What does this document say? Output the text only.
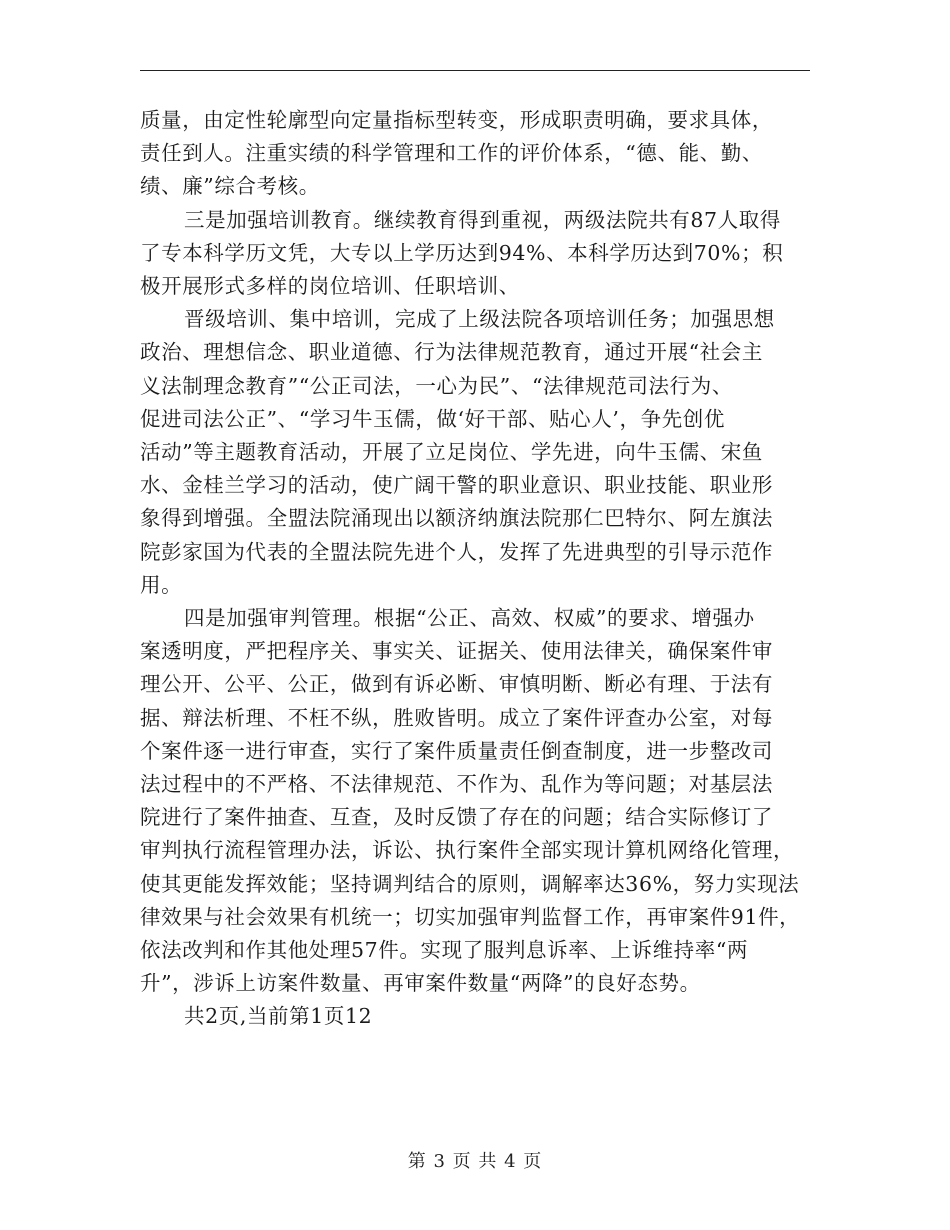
质量，由定性轮廓型向定量指标型转变，形成职责明确，要求具体，
责任到人。注重实绩的科学管理和工作的评价体系，“德、能、勤、
绩、廉”综合考核。

三是加强培训教育。继续教育得到重视，两级法院共有87人取得
了专本科学历文凭，大专以上学历达到94%、本科学历达到70%；积
极开展形式多样的岗位培训、任职培训、

晋级培训、集中培训，完成了上级法院各项培训任务；加强思想
政治、理想信念、职业道德、行为法律规范教育，通过开展“社会主
义法制理念教育”“公正司法，一心为民”、“法律规范司法行为、
促进司法公正”、“学习牛玉儒，做‘好干部、贴心人’，争先创优
活动”等主题教育活动，开展了立足岗位、学先进，向牛玉儒、宋鱼
水、金桂兰学习的活动，使广阔干警的职业意识、职业技能、职业形
象得到增强。全盟法院涌现出以额济纳旗法院那仁巴特尔、阿左旗法
院彭家国为代表的全盟法院先进个人，发挥了先进典型的引导示范作
用。

四是加强审判管理。根据“公正、高效、权威”的要求、增强办
案透明度，严把程序关、事实关、证据关、使用法律关，确保案件审
理公开、公平、公正，做到有诉必断、审慎明断、断必有理、于法有
据、辩法析理、不枉不纵，胜败皆明。成立了案件评查办公室，对每
个案件逐一进行审查，实行了案件质量责任倒查制度，进一步整改司
法过程中的不严格、不法律规范、不作为、乱作为等问题；对基层法
院进行了案件抽查、互查，及时反馈了存在的问题；结合实际修订了
审判执行流程管理办法，诉讼、执行案件全部实现计算机网络化管理，
使其更能发挥效能；坚持调判结合的原则，调解率达36%，努力实现法
律效果与社会效果有机统一；切实加强审判监督工作，再审案件91件，
依法改判和作其他处理57件。实现了服判息诉率、上诉维持率“两
升”，涉诉上访案件数量、再审案件数量“两降”的良好态势。

共2页,当前第1页12

第 3 页 共 4 页
